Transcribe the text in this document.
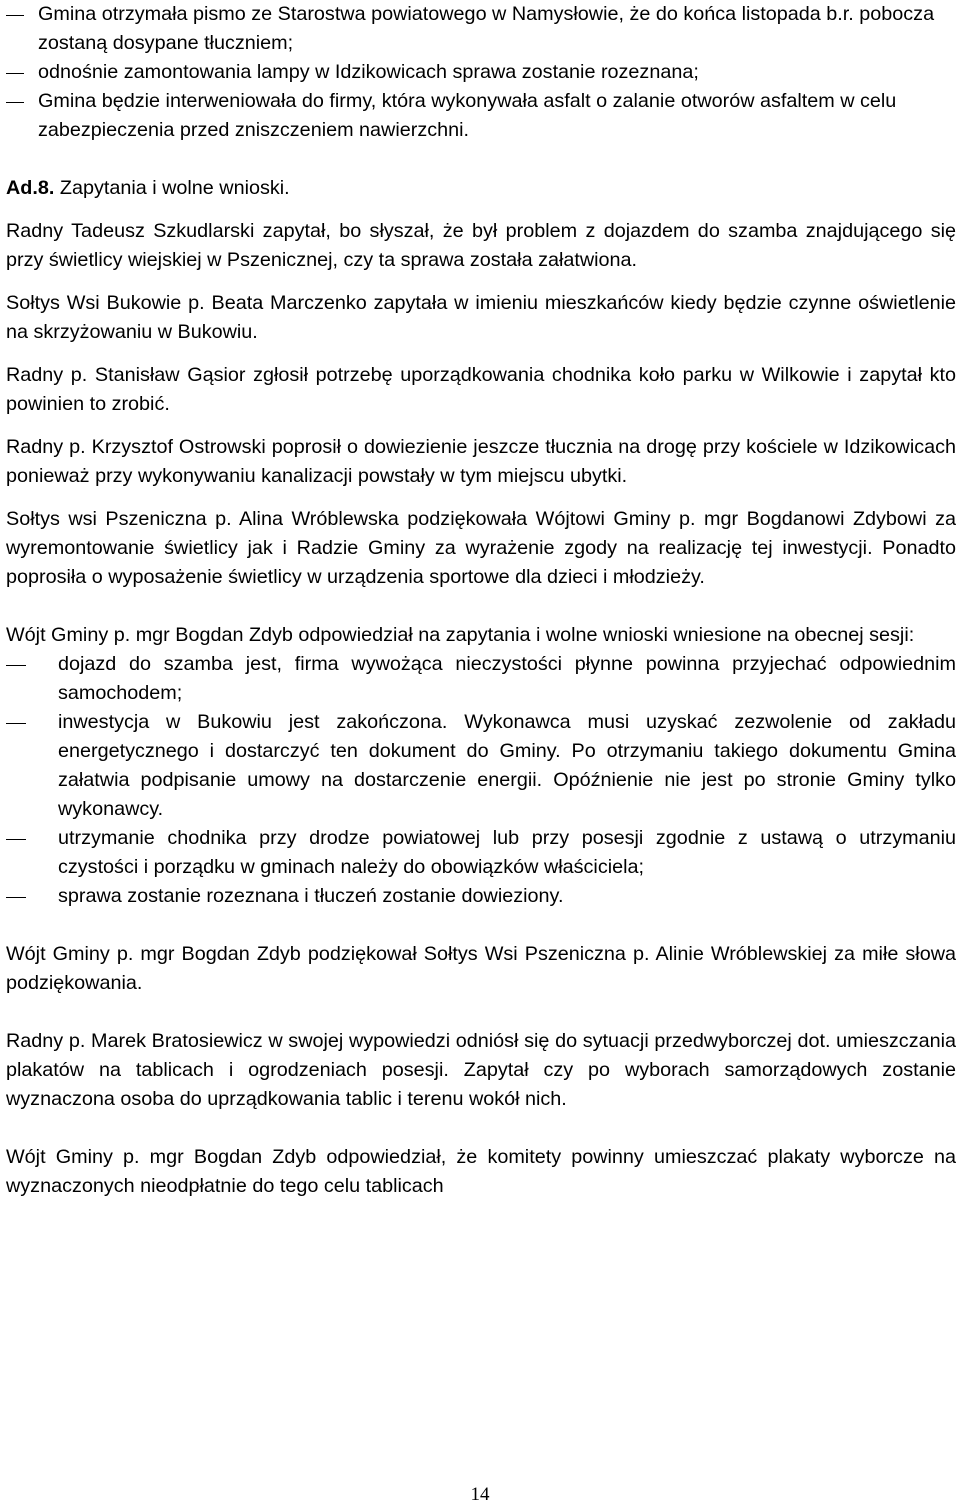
Gmina otrzymała pismo ze Starostwa powiatowego w Namysłowie, że do końca listopada b.r. pobocza zostaną dosypane tłuczniem;
odnośnie zamontowania lampy w Idzikowicach sprawa zostanie rozeznana;
Gmina będzie interweniowała do firmy, która wykonywała asfalt o zalanie otworów asfaltem w celu zabezpieczenia przed zniszczeniem nawierzchni.
Ad.8. Zapytania i wolne wnioski.

Radny Tadeusz Szkudlarski zapytał, bo słyszał, że był problem z dojazdem do szamba znajdującego się przy świetlicy wiejskiej w Pszenicznej, czy ta sprawa została załatwiona.

Sołtys Wsi Bukowie p. Beata Marczenko zapytała w imieniu mieszkańców kiedy będzie czynne oświetlenie na skrzyżowaniu w Bukowiu.

Radny p. Stanisław Gąsior zgłosił potrzebę uporządkowania chodnika koło parku w Wilkowie i zapytał kto powinien to zrobić.

Radny p. Krzysztof Ostrowski poprosił o dowiezienie jeszcze tłucznia na drogę przy kościele w Idzikowicach ponieważ przy wykonywaniu kanalizacji powstały w tym miejscu ubytki.

Sołtys wsi Pszeniczna p. Alina Wróblewska podziękowała Wójtowi Gminy p. mgr Bogdanowi Zdybowi za wyremontowanie świetlicy jak i Radzie Gminy za wyrażenie zgody na realizację tej inwestycji. Ponadto poprosiła o wyposażenie świetlicy w urządzenia sportowe dla dzieci i młodzieży.

Wójt Gminy p. mgr Bogdan Zdyb odpowiedział na zapytania i wolne wnioski wniesione na obecnej sesji:

dojazd do szamba jest, firma wywożąca nieczystości płynne powinna przyjechać odpowiednim samochodem;
inwestycja w Bukowiu jest zakończona. Wykonawca musi uzyskać zezwolenie od zakładu energetycznego i dostarczyć ten dokument do Gminy. Po otrzymaniu takiego dokumentu Gmina załatwia podpisanie umowy na dostarczenie energii. Opóźnienie nie jest po stronie Gminy tylko wykonawcy.
utrzymanie chodnika przy drodze powiatowej lub przy posesji zgodnie z ustawą o utrzymaniu czystości i porządku w gminach należy do obowiązków właściciela;
sprawa zostanie rozeznana i tłuczeń zostanie dowieziony.

Wójt Gminy p. mgr Bogdan Zdyb podziękował Sołtys Wsi Pszeniczna p. Alinie Wróblewskiej za miłe słowa podziękowania.

Radny p. Marek Bratosiewicz w swojej wypowiedzi odniósł się do sytuacji przedwyborczej dot. umieszczania plakatów na tablicach i ogrodzeniach posesji. Zapytał czy po wyborach samorządowych zostanie wyznaczona osoba do uprządkowania tablic i terenu wokół nich.

Wójt Gminy p. mgr Bogdan Zdyb odpowiedział, że komitety powinny umieszczać plakaty wyborcze na wyznaczonych nieodpłatnie do tego celu tablicach

14
